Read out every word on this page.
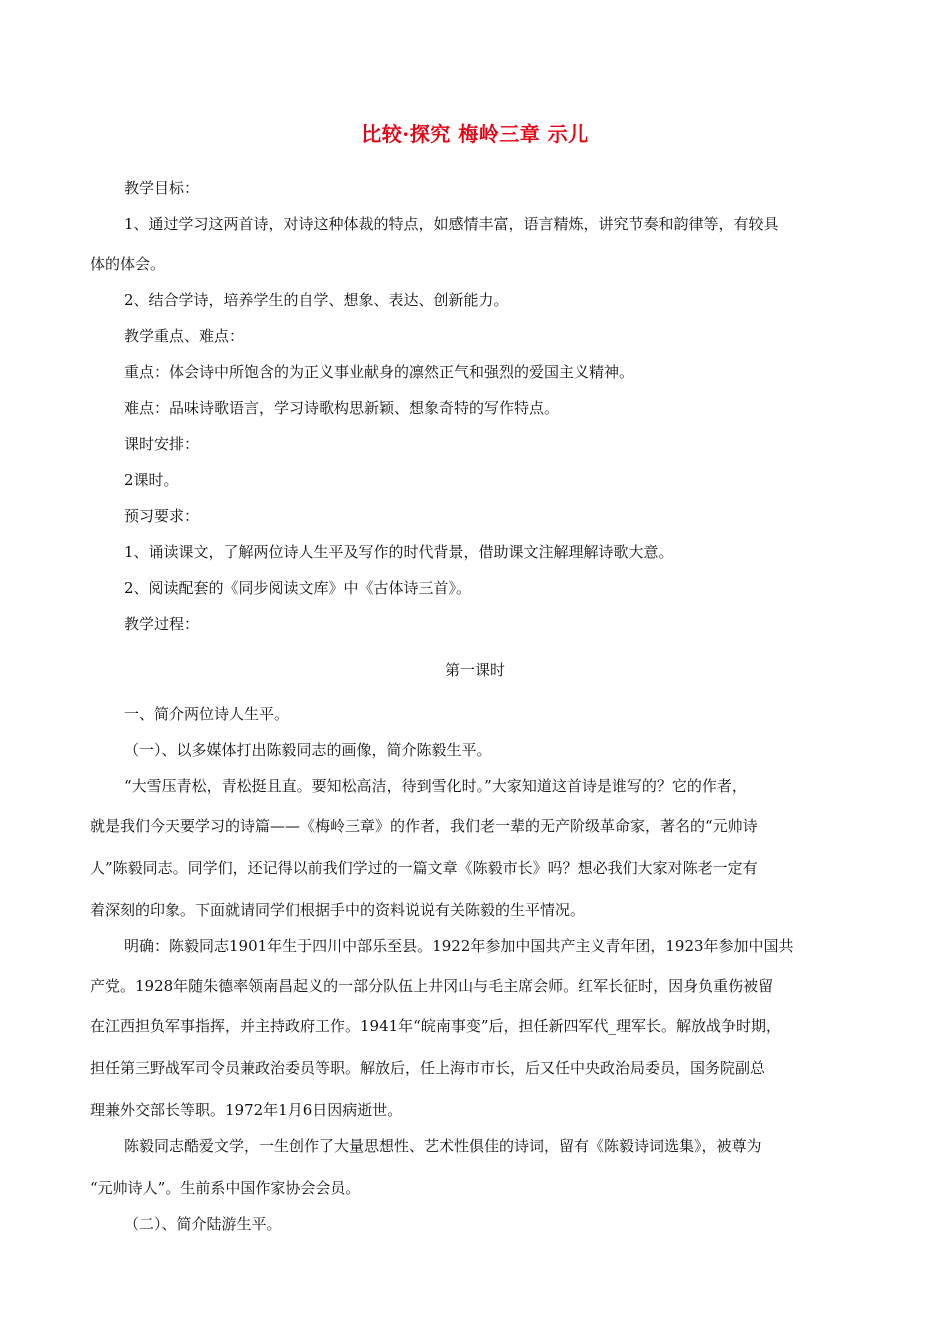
比较·探究 梅岭三章 示儿
教学目标：
1、通过学习这两首诗，对诗这种体裁的特点，如感情丰富，语言精炼，讲究节奏和韵律等，有较具
体的体会。
2、结合学诗，培养学生的自学、想象、表达、创新能力。
教学重点、难点：
重点：体会诗中所饱含的为正义事业献身的凛然正气和强烈的爱国主义精神。
难点：品味诗歌语言，学习诗歌构思新颖、想象奇特的写作特点。
课时安排：
2课时。
预习要求：
1、诵读课文，了解两位诗人生平及写作的时代背景，借助课文注解理解诗歌大意。
2、阅读配套的《同步阅读文库》中《古体诗三首》。
教学过程：
第一课时
一、简介两位诗人生平。
（一）、以多媒体打出陈毅同志的画像，简介陈毅生平。
“大雪压青松，青松挺且直。要知松高洁，待到雪化时。”大家知道这首诗是谁写的？它的作者，
就是我们今天要学习的诗篇——《梅岭三章》的作者，我们老一辈的无产阶级革命家，著名的“元帅诗
人”陈毅同志。同学们，还记得以前我们学过的一篇文章《陈毅市长》吗？想必我们大家对陈老一定有
着深刻的印象。下面就请同学们根据手中的资料说说有关陈毅的生平情况。
明确：陈毅同志1901年生于四川中部乐至县。1922年参加中国共产主义青年团，1923年参加中国共
产党。1928年随朱德率领南昌起义的一部分队伍上井冈山与毛主席会师。红军长征时，因身负重伤被留
在江西担负军事指挥，并主持政府工作。1941年“皖南事变”后，担任新四军代_理军长。解放战争时期，
担任第三野战军司令员兼政治委员等职。解放后，任上海市市长，后又任中央政治局委员，国务院副总
理兼外交部长等职。1972年1月6日因病逝世。
陈毅同志酷爱文学，一生创作了大量思想性、艺术性俱佳的诗词，留有《陈毅诗词选集》，被尊为
“元帅诗人”。生前系中国作家协会会员。
（二）、简介陆游生平。
